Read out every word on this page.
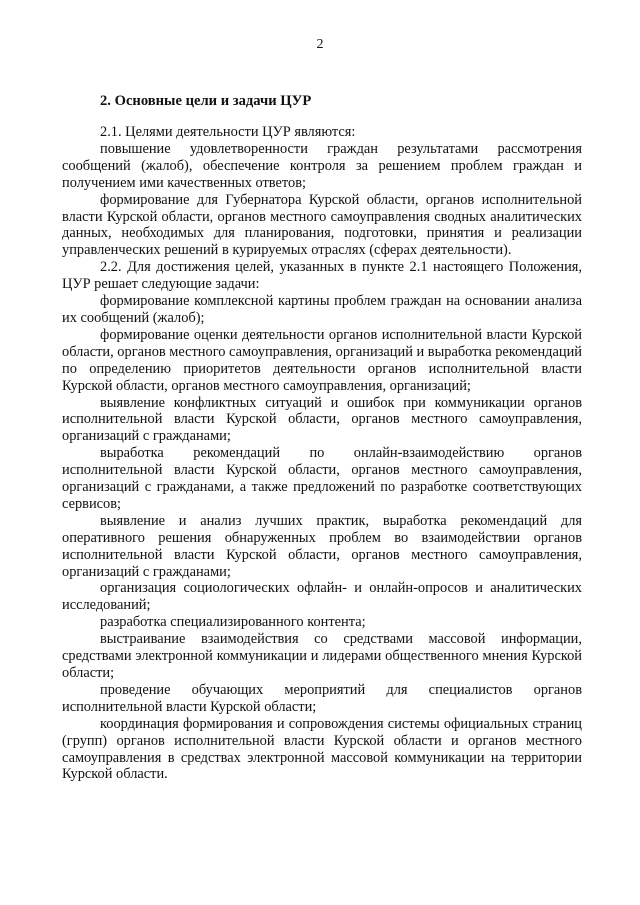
2
2. Основные цели и задачи ЦУР

2.1. Целями деятельности ЦУР являются:

повышение удовлетворенности граждан результатами рассмотрения сообщений (жалоб), обеспечение контроля за решением проблем граждан и получением ими качественных ответов;

формирование для Губернатора Курской области, органов исполнительной власти Курской области, органов местного самоуправления сводных аналитических данных, необходимых для планирования, подготовки, принятия и реализации управленческих решений в курируемых отраслях (сферах деятельности).

2.2. Для достижения целей, указанных в пункте 2.1 настоящего Положения, ЦУР решает следующие задачи:

формирование комплексной картины проблем граждан на основании анализа их сообщений (жалоб);

формирование оценки деятельности органов исполнительной власти Курской области, органов местного самоуправления, организаций и выработка рекомендаций по определению приоритетов деятельности органов исполнительной власти Курской области, органов местного самоуправления, организаций;

выявление конфликтных ситуаций и ошибок при коммуникации органов исполнительной власти Курской области, органов местного самоуправления, организаций с гражданами;

выработка рекомендаций по онлайн-взаимодействию органов исполнительной власти Курской области, органов местного самоуправления, организаций с гражданами, а также предложений по разработке соответствующих сервисов;

выявление и анализ лучших практик, выработка рекомендаций для оперативного решения обнаруженных проблем во взаимодействии органов исполнительной власти Курской области, органов местного самоуправления, организаций с гражданами;

организация социологических офлайн- и онлайн-опросов и аналитических исследований;

разработка специализированного контента;

выстраивание взаимодействия со средствами массовой информации, средствами электронной коммуникации и лидерами общественного мнения Курской области;

проведение обучающих мероприятий для специалистов органов исполнительной власти Курской области;

координация формирования и сопровождения системы официальных страниц (групп) органов исполнительной власти Курской области и органов местного самоуправления в средствах электронной массовой коммуникации на территории Курской области.
